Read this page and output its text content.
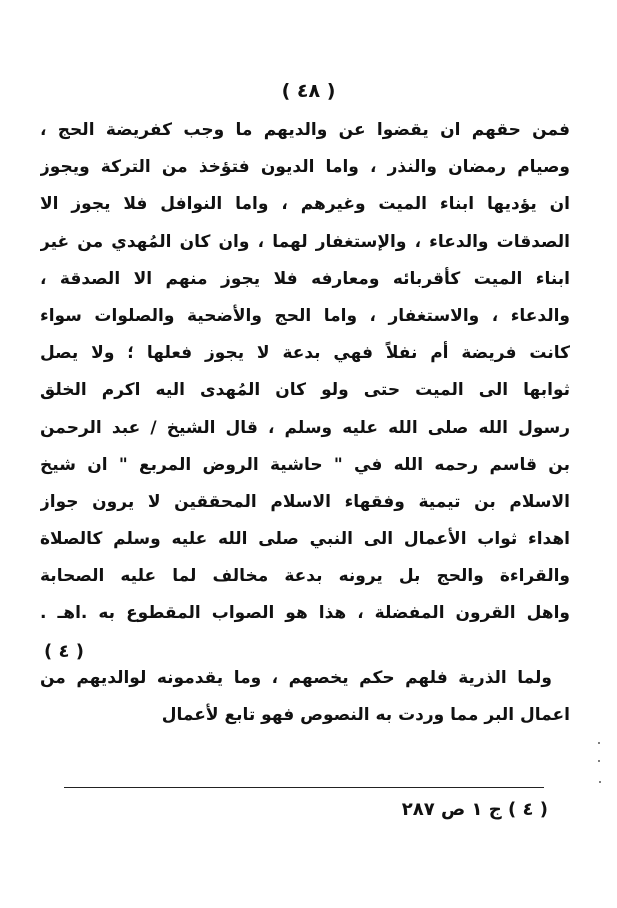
( ٤٨ )
فمن حقهم ان يقضوا عن والديهم ما وجب كفريضة الحج ،
وصيام رمضان والنذر ، واما الديون فتؤخذ من التركة ويجوز
ان يؤديها ابناء الميت وغيرهم ، واما النوافل فلا يجوز الا
الصدقات والدعاء ، والإستغفار لهما ، وان كان المُهدي من غير
ابناء الميت كأقربائه ومعارفه فلا يجوز منهم الا الصدقة ،
والدعاء ، والاستغفار ، واما الحج والأضحية والصلوات سواء
كانت فريضة أم نفلاً فهي بدعة لا يجوز فعلها ؛ ولا يصل
ثوابها الى الميت حتى ولو كان المُهدى اليه اكرم الخلق
رسول الله صلى الله عليه وسلم ، قال الشيخ / عبد الرحمن
بن قاسم رحمه الله في " حاشية الروض المربع " ان شيخ
الاسلام بن تيمية وفقهاء الاسلام المحققين لا يرون جواز
اهداء ثواب الأعمال الى النبي صلى الله عليه وسلم كالصلاة
والقراءة والحج بل يرونه بدعة مخالف لما عليه الصحابة
واهل القرون المفضلة ، هذا هو الصواب المقطوع به .اهـ .
( ٤ )
ولما الذرية فلهم حكم يخصهم ، وما يقدمونه لوالديهم من
اعمال البر مما وردت به النصوص فهو تابع لأعمال
( ٤ ) ج ١ ص ٢٨٧
